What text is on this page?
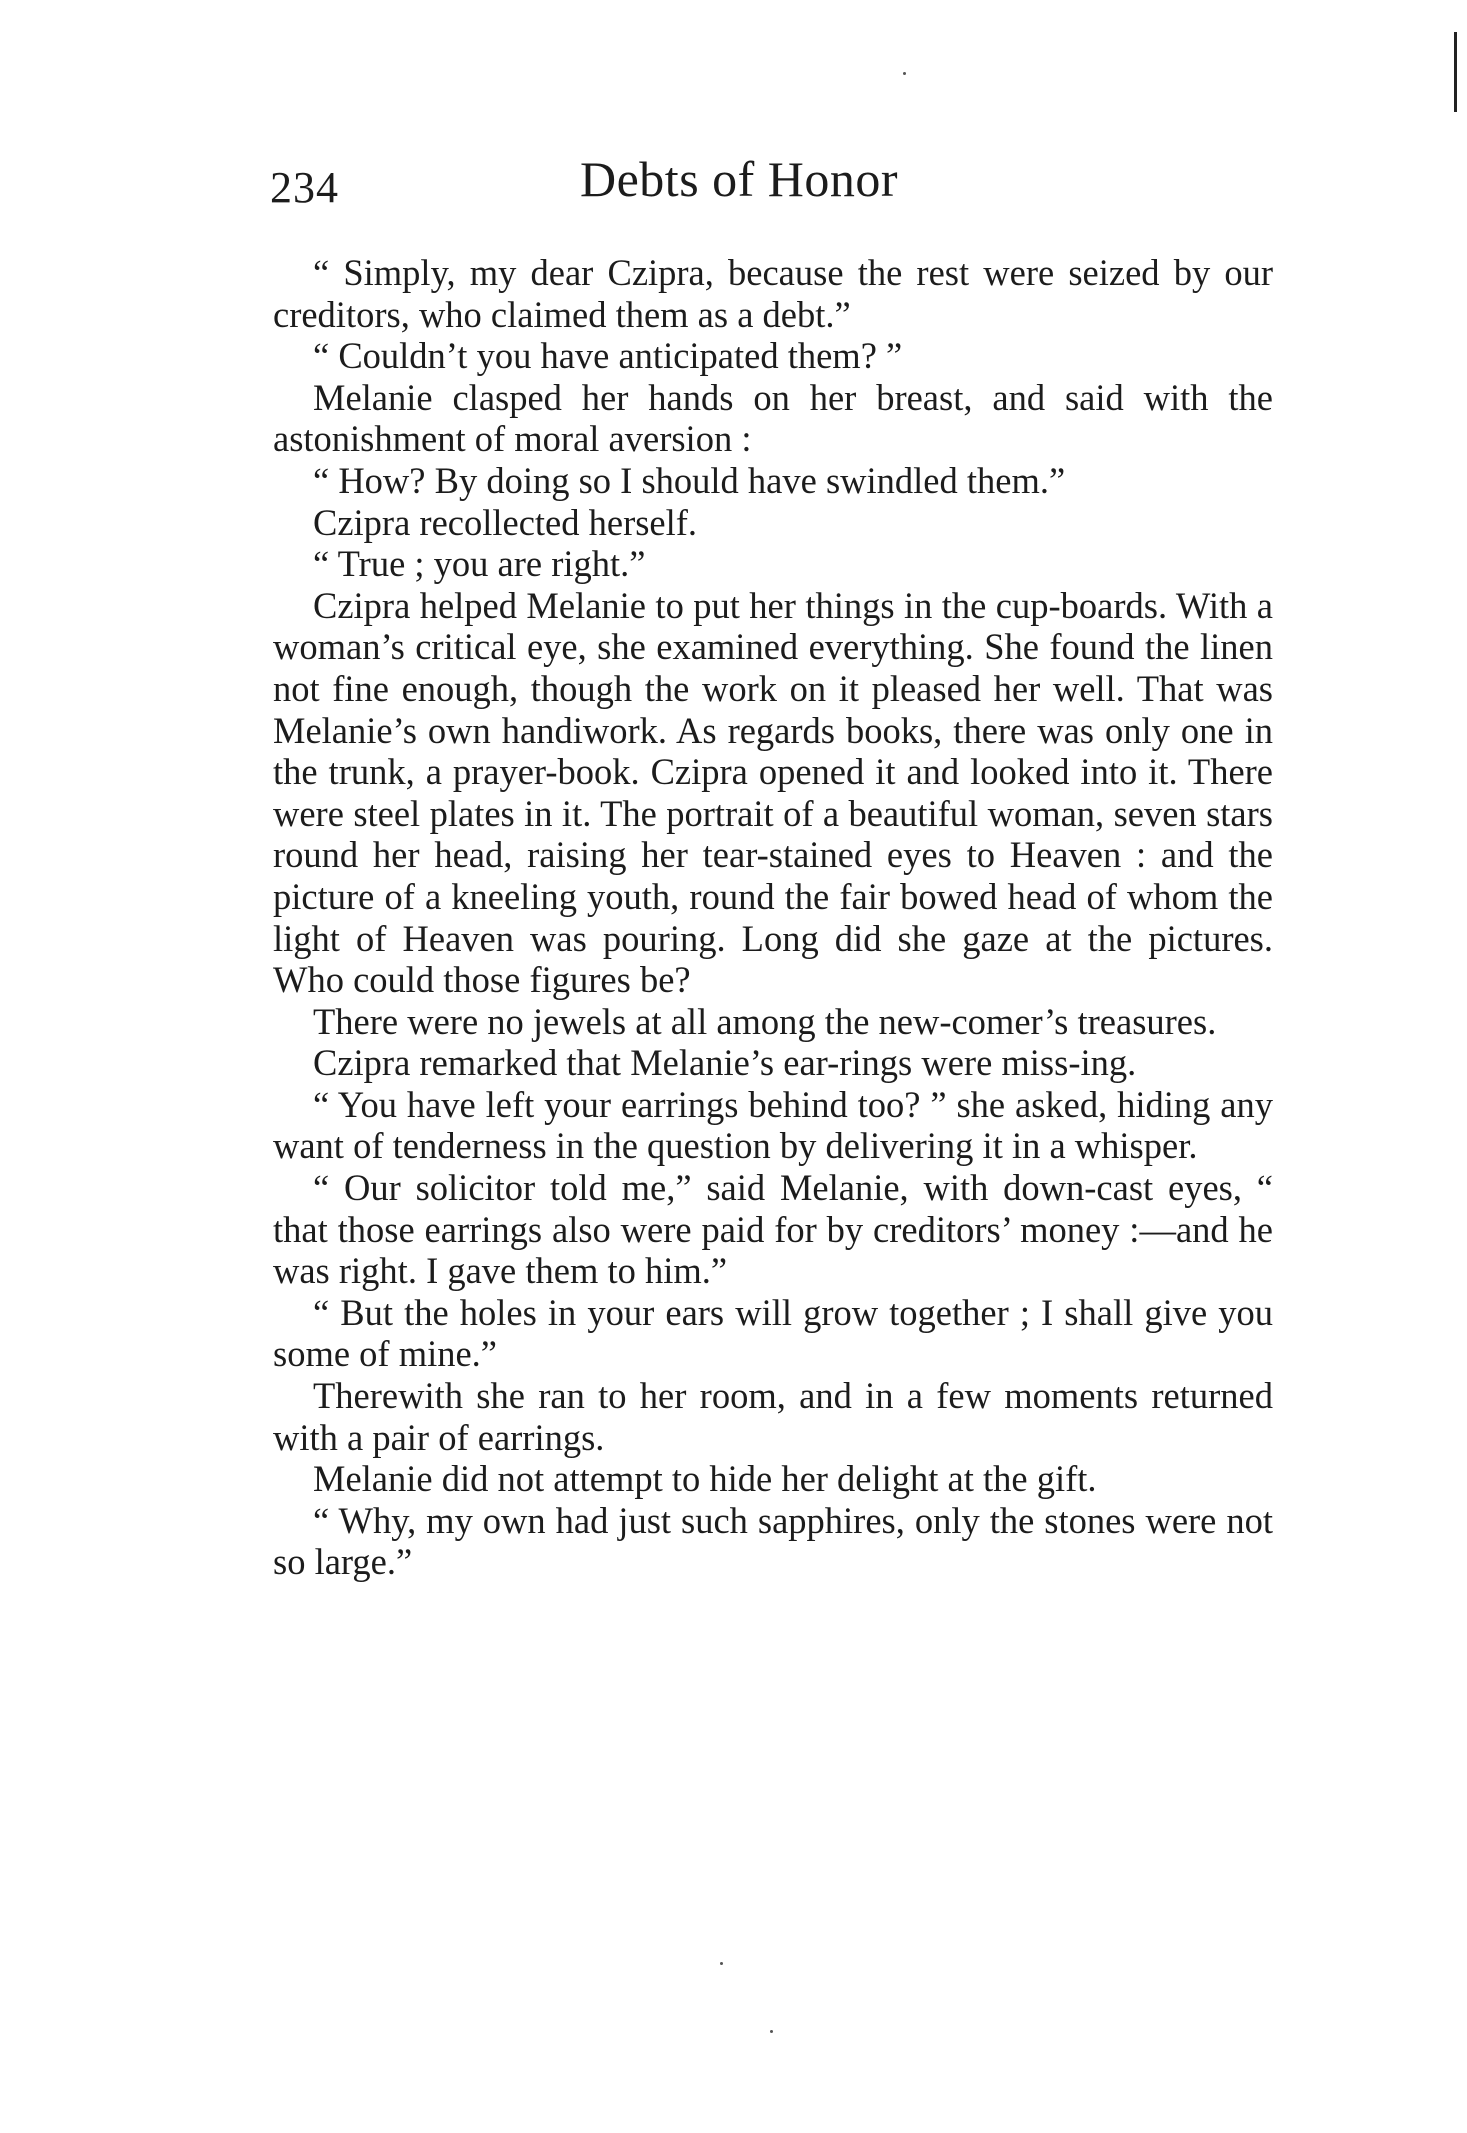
234	Debts of Honor

“ Simply, my dear Czipra, because the rest were seized by our creditors, who claimed them as a debt.”

“ Couldn’t you have anticipated them? ”

Melanie clasped her hands on her breast, and said with the astonishment of moral aversion :

“ How? By doing so I should have swindled them.”

Czipra recollected herself.

“ True ; you are right.”

Czipra helped Melanie to put her things in the cup-boards. With a woman’s critical eye, she examined everything. She found the linen not fine enough, though the work on it pleased her well. That was Melanie’s own handiwork. As regards books, there was only one in the trunk, a prayer-book. Czipra opened it and looked into it. There were steel plates in it. The portrait of a beautiful woman, seven stars round her head, raising her tear-stained eyes to Heaven : and the picture of a kneeling youth, round the fair bowed head of whom the light of Heaven was pouring. Long did she gaze at the pictures. Who could those figures be?

There were no jewels at all among the new-comer’s treasures.

Czipra remarked that Melanie’s ear-rings were miss-ing.

“ You have left your earrings behind too? ” she asked, hiding any want of tenderness in the question by delivering it in a whisper.

“ Our solicitor told me,” said Melanie, with down-cast eyes, “ that those earrings also were paid for by creditors’ money :—and he was right. I gave them to him.”

“ But the holes in your ears will grow together ; I shall give you some of mine.”

Therewith she ran to her room, and in a few moments returned with a pair of earrings.

Melanie did not attempt to hide her delight at the gift.

“ Why, my own had just such sapphires, only the stones were not so large.”
